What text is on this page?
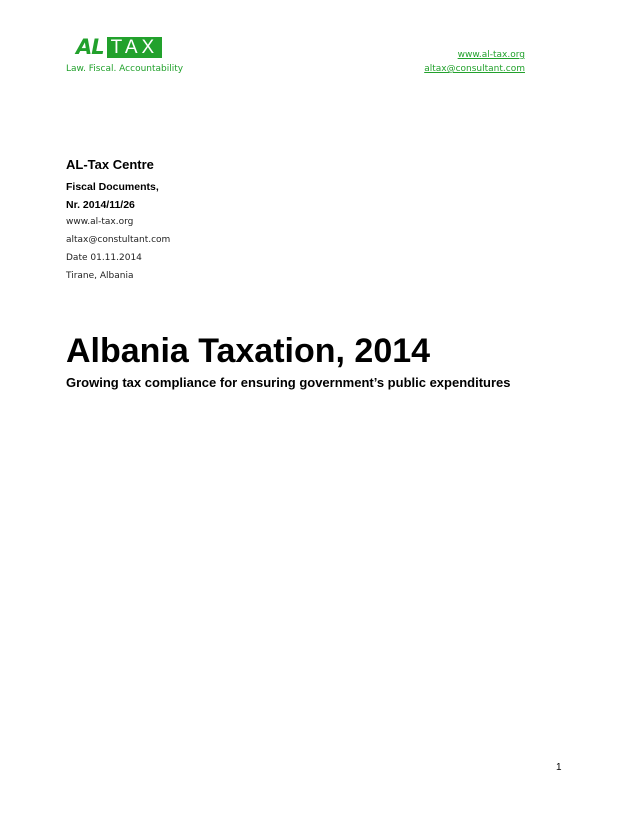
AL TAX
Law. Fiscal. Accountability
www.al-tax.org
altax@consultant.com

AL-Tax Centre

Fiscal Documents,

Nr. 2014/11/26

www.al-tax.org

altax@constultant.com

Date 01.11.2014

Tirane, Albania

Albania Taxation, 2014
Growing tax compliance for ensuring government’s public expenditures
1
